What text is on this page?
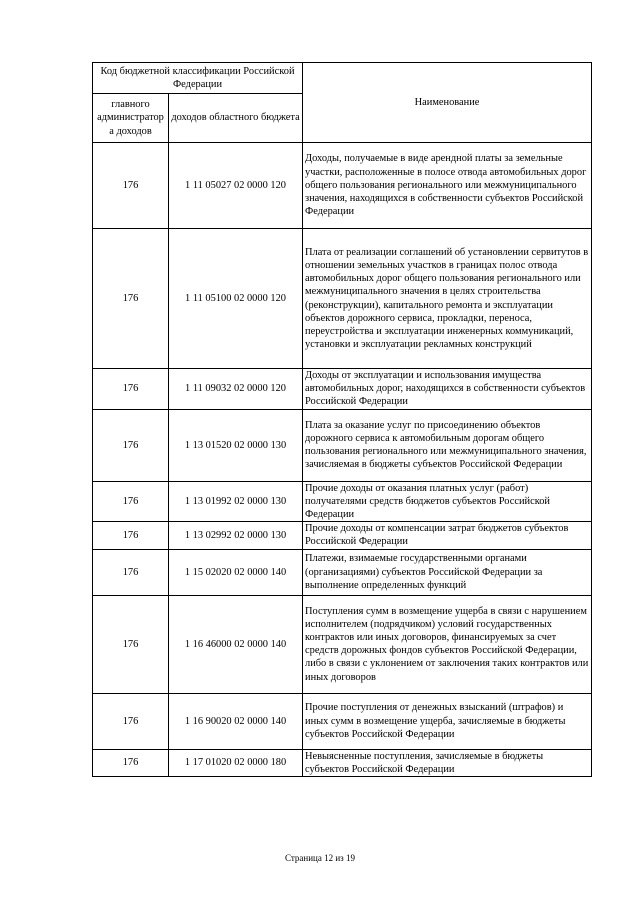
Код бюджетной классификации Российской Федерации		Наименование
главного администратора доходов	доходов областного бюджета	
176	1 11 05027 02 0000 120	Доходы, получаемые в виде арендной платы за земельные участки, расположенные в полосе отвода автомобильных дорог общего пользования регионального или межмуниципального значения, находящихся в собственности субъектов Российской Федерации
176	1 11 05100 02 0000 120	Плата от реализации соглашений об установлении сервитутов в отношении земельных участков в границах полос отвода автомобильных дорог общего пользования регионального или межмуниципального значения в целях строительства (реконструкции), капитального ремонта и эксплуатации объектов дорожного сервиса, прокладки, переноса, переустройства и эксплуатации инженерных коммуникаций, установки и эксплуатации рекламных конструкций
176	1 11 09032 02 0000 120	Доходы от эксплуатации и использования имущества автомобильных дорог, находящихся в собственности субъектов Российской Федерации
176	1 13 01520 02 0000 130	Плата за оказание услуг по присоединению объектов дорожного сервиса к автомобильным дорогам общего пользования регионального или межмуниципального значения, зачисляемая в бюджеты субъектов Российской Федерации
176	1 13 01992 02 0000 130	Прочие доходы от оказания платных услуг (работ) получателями средств бюджетов субъектов Российской Федерации
176	1 13 02992 02 0000 130	Прочие доходы от компенсации затрат бюджетов субъектов Российской Федерации
176	1 15 02020 02 0000 140	Платежи, взимаемые государственными органами (организациями) субъектов Российской Федерации за выполнение определенных функций
176	1 16 46000 02 0000 140	Поступления сумм в возмещение ущерба в связи с нарушением исполнителем (подрядчиком) условий государственных контрактов или иных договоров, финансируемых за счет средств дорожных фондов субъектов Российской Федерации, либо в связи с уклонением от заключения таких контрактов или иных договоров
176	1 16 90020 02 0000 140	Прочие поступления от денежных взысканий (штрафов) и иных сумм в возмещение ущерба, зачисляемые в бюджеты субъектов Российской Федерации
176	1 17 01020 02 0000 180	Невыясненные поступления, зачисляемые в бюджеты субъектов Российской Федерации
Страница 12 из 19
